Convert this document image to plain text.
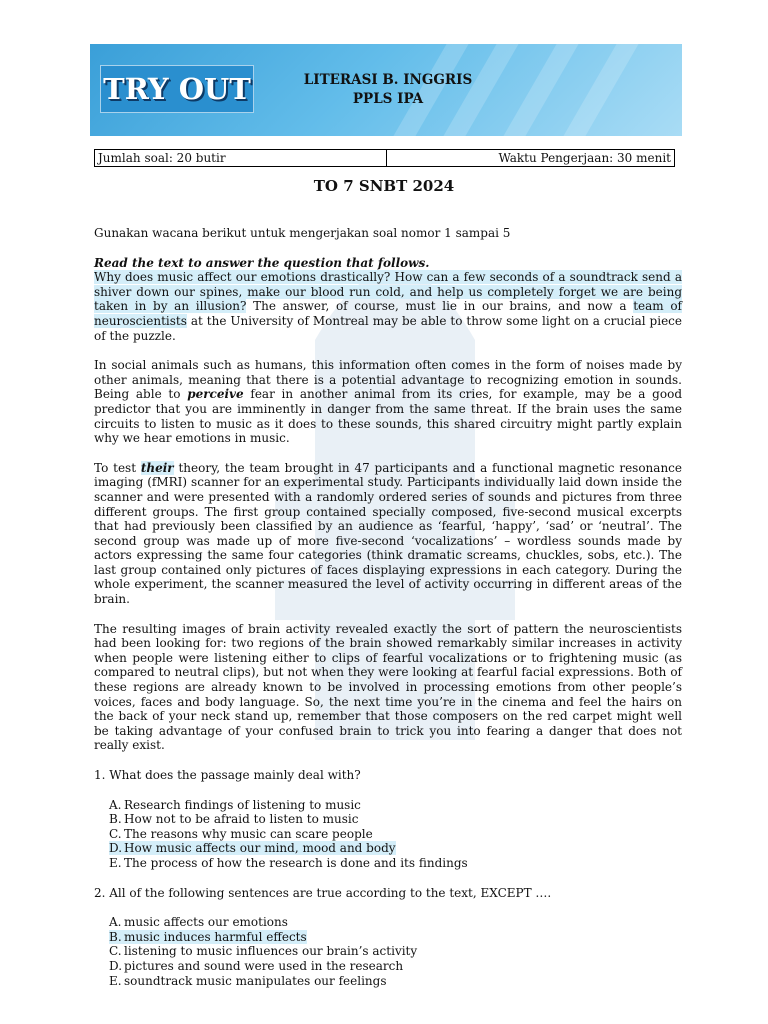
TRY OUT	LITERASI B. INGGRIS
PPLS IPA
Jumlah soal: 20 butir	Waktu Pengerjaan: 30 menit
TO 7 SNBT 2024

Gunakan wacana berikut untuk mengerjakan soal nomor 1 sampai 5

Read the text to answer the question that follows.

Why does music affect our emotions drastically? How can a few seconds of a soundtrack send a shiver down our spines, make our blood run cold, and help us completely forget we are being taken in by an illusion? The answer, of course, must lie in our brains, and now a team of neuroscientists at the University of Montreal may be able to throw some light on a crucial piece of the puzzle.

In social animals such as humans, this information often comes in the form of noises made by other animals, meaning that there is a potential advantage to recognizing emotion in sounds. Being able to perceive fear in another animal from its cries, for example, may be a good predictor that you are imminently in danger from the same threat. If the brain uses the same circuits to listen to music as it does to these sounds, this shared circuitry might partly explain why we hear emotions in music.

To test their theory, the team brought in 47 participants and a functional magnetic resonance imaging (fMRI) scanner for an experimental study. Participants individually laid down inside the scanner and were presented with a randomly ordered series of sounds and pictures from three different groups. The first group contained specially composed, five-second musical excerpts that had previously been classified by an audience as ‘fearful, ‘happy’, ‘sad’ or ‘neutral’. The second group was made up of more five-second ‘vocalizations’ – wordless sounds made by actors expressing the same four categories (think dramatic screams, chuckles, sobs, etc.). The last group contained only pictures of faces displaying expressions in each category. During the whole experiment, the scanner measured the level of activity occurring in different areas of the brain.

The resulting images of brain activity revealed exactly the sort of pattern the neuroscientists had been looking for: two regions of the brain showed remarkably similar increases in activity when people were listening either to clips of fearful vocalizations or to frightening music (as compared to neutral clips), but not when they were looking at fearful facial expressions. Both of these regions are already known to be involved in processing emotions from other people’s voices, faces and body language. So, the next time you’re in the cinema and feel the hairs on the back of your neck stand up, remember that those composers on the red carpet might well be taking advantage of your confused brain to trick you into fearing a danger that does not really exist.

1. What does the passage mainly deal with?

A. Research findings of listening to music
B. How not to be afraid to listen to music
C. The reasons why music can scare people
D. How music affects our mind, mood and body
E. The process of how the research is done and its findings

2. All of the following sentences are true according to the text, EXCEPT ….

A. music affects our emotions
B. music induces harmful effects
C. listening to music influences our brain’s activity
D. pictures and sound were used in the research
E. soundtrack music manipulates our feelings
